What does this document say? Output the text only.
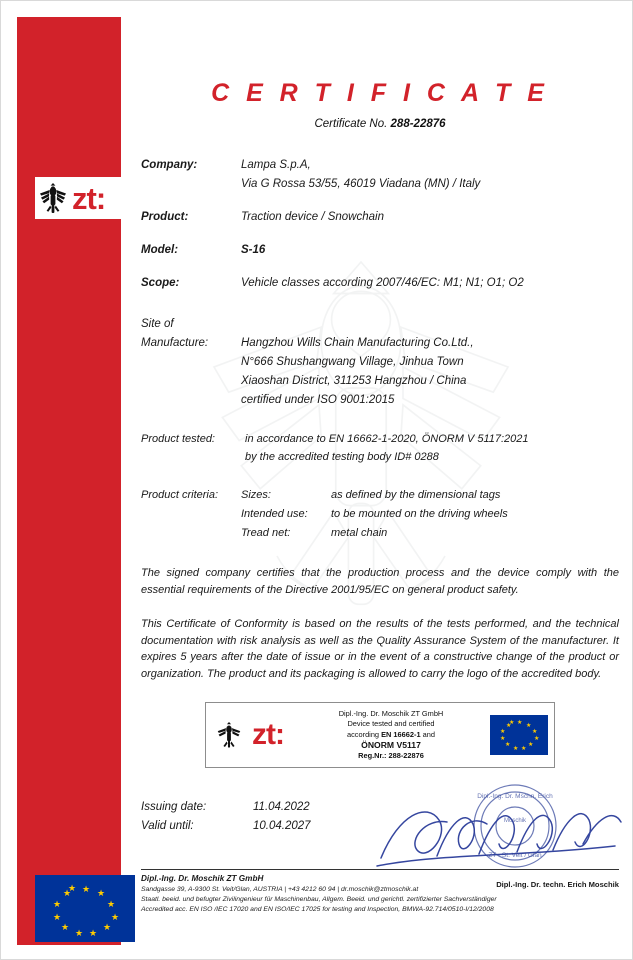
zt:
★ ★
★
★
★
★
★
★
★
★
★
★
C E R T I F I C A T E
Certificate No. 288-22876
Company:	Lampa S.p.A,
Via G Rossa 53/55, 46019 Viadana (MN) / Italy
Product:	Traction device / Snowchain
Model:	S-16
Scope:	Vehicle classes according 2007/46/EC: M1; N1; O1; O2
Site of
Manufacture:	Hangzhou Wills Chain Manufacturing Co.Ltd.,
N°666 Shushangwang Village, Jinhua Town
Xiaoshan District, 311253 Hangzhou / China
certified under ISO 9001:2015
Product tested:	in accordance to EN 16662-1-2020, ÖNORM V 5117:2021
by the accredited testing body ID# 0288
Product criteria:	Sizes:	as defined by the dimensional tags
Intended use:	to be mounted on the driving wheels
Tread net:	metal chain
The signed company certifies that the production process and the device comply with the essential requirements of the Directive 2001/95/EC on general product safety.
This Certificate of Conformity is based on the results of the tests performed, and the technical documentation with risk analysis as well as the Quality Assurance System of the manufacturer. It expires 5 years after the date of issue or in the event of a constructive change of the product or organization. The product and its packaging is allowed to carry the logo of the accredited body.
zt:
Dipl.-Ing. Dr. Moschik ZT GmbH
Device tested and certified
according EN 16662-1 and
ÖNORM V5117
Reg.Nr.: 288-22876
★ ★
★
★
★
★
★
★
★
★
★
★
Issuing date:	11.04.2022
Valid until:	10.04.2027
Dipl.-Ing. Dr. Mschn. Erich
ZT · St. Veit / Glan
Moschik
Dipl.-Ing. Dr. techn. Erich Moschik
Dipl.-Ing. Dr. Moschik ZT GmbH
Sandgasse 39, A-9300 St. Veit/Glan, AUSTRIA | +43 4212 60 94 | dr.moschik@ztmoschik.at
Staatl. beeid. und befugter Zivilingenieur für Maschinenbau, Allgem. Beeid. und gerichtl. zertifizierter Sachverständiger
Accredited acc. EN ISO /IEC 17020 and EN ISO/IEC 17025 for testing and Inspection, BMWA-92.714/0510-I/12/2008
